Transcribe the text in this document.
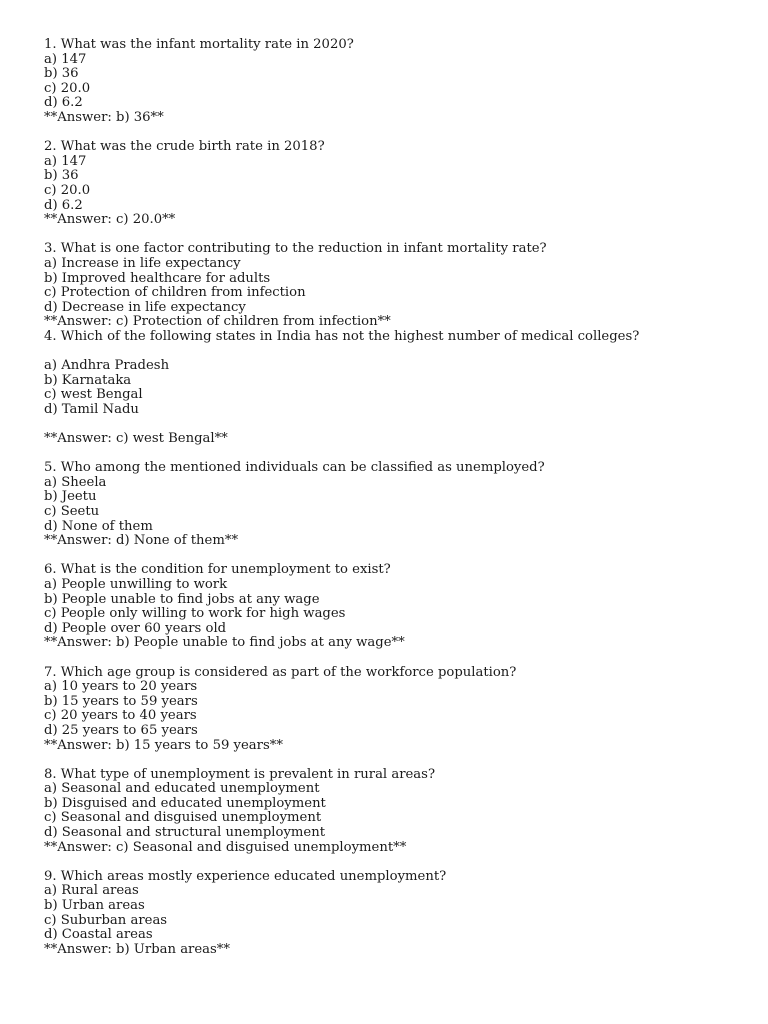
1. What was the infant mortality rate in 2020?
a) 147
b) 36
c) 20.0
d) 6.2
**Answer: b) 36**
2. What was the crude birth rate in 2018?
a) 147
b) 36
c) 20.0
d) 6.2
**Answer: c) 20.0**
3. What is one factor contributing to the reduction in infant mortality rate?
a) Increase in life expectancy
b) Improved healthcare for adults
c) Protection of children from infection
d) Decrease in life expectancy
**Answer: c) Protection of children from infection**
4. Which of the following states in India has not the highest number of medical colleges?
a) Andhra Pradesh
b) Karnataka
c) west Bengal
d) Tamil Nadu
**Answer: c) west Bengal**
5. Who among the mentioned individuals can be classified as unemployed?
a) Sheela
b) Jeetu
c) Seetu
d) None of them
**Answer: d) None of them**
6. What is the condition for unemployment to exist?
a) People unwilling to work
b) People unable to find jobs at any wage
c) People only willing to work for high wages
d) People over 60 years old
**Answer: b) People unable to find jobs at any wage**
7. Which age group is considered as part of the workforce population?
a) 10 years to 20 years
b) 15 years to 59 years
c) 20 years to 40 years
d) 25 years to 65 years
**Answer: b) 15 years to 59 years**
8. What type of unemployment is prevalent in rural areas?
a) Seasonal and educated unemployment
b) Disguised and educated unemployment
c) Seasonal and disguised unemployment
d) Seasonal and structural unemployment
**Answer: c) Seasonal and disguised unemployment**
9. Which areas mostly experience educated unemployment?
a) Rural areas
b) Urban areas
c) Suburban areas
d) Coastal areas
**Answer: b) Urban areas**
